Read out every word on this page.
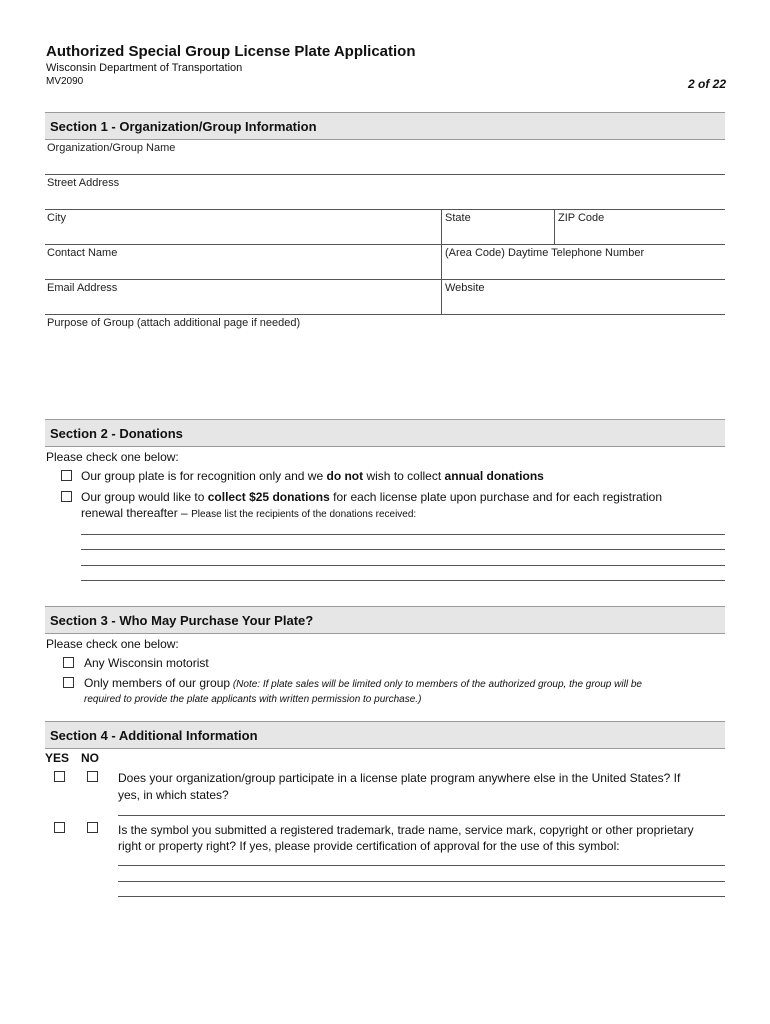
Authorized Special Group License Plate Application
Wisconsin Department of Transportation
MV2090	2 of 22
Section 1 - Organization/Group Information
Organization/Group Name
Street Address
City	State	ZIP Code
Contact Name	(Area Code) Daytime Telephone Number
Email Address	Website
Purpose of Group (attach additional page if needed)
Section 2 - Donations
Please check one below:
Our group plate is for recognition only and we do not wish to collect annual donations
Our group would like to collect $25 donations for each license plate upon purchase and for each registration
renewal thereafter – Please list the recipients of the donations received:
Section 3 - Who May Purchase Your Plate?
Please check one below:
Any Wisconsin motorist
Only members of our group (Note: If plate sales will be limited only to members of the authorized group, the group will be
required to provide the plate applicants with written permission to purchase.)
Section 4 - Additional Information
YES NO
Does your organization/group participate in a license plate program anywhere else in the United States? If
yes, in which states?
Is the symbol you submitted a registered trademark, trade name, service mark, copyright or other proprietary
right or property right? If yes, please provide certification of approval for the use of this symbol:
